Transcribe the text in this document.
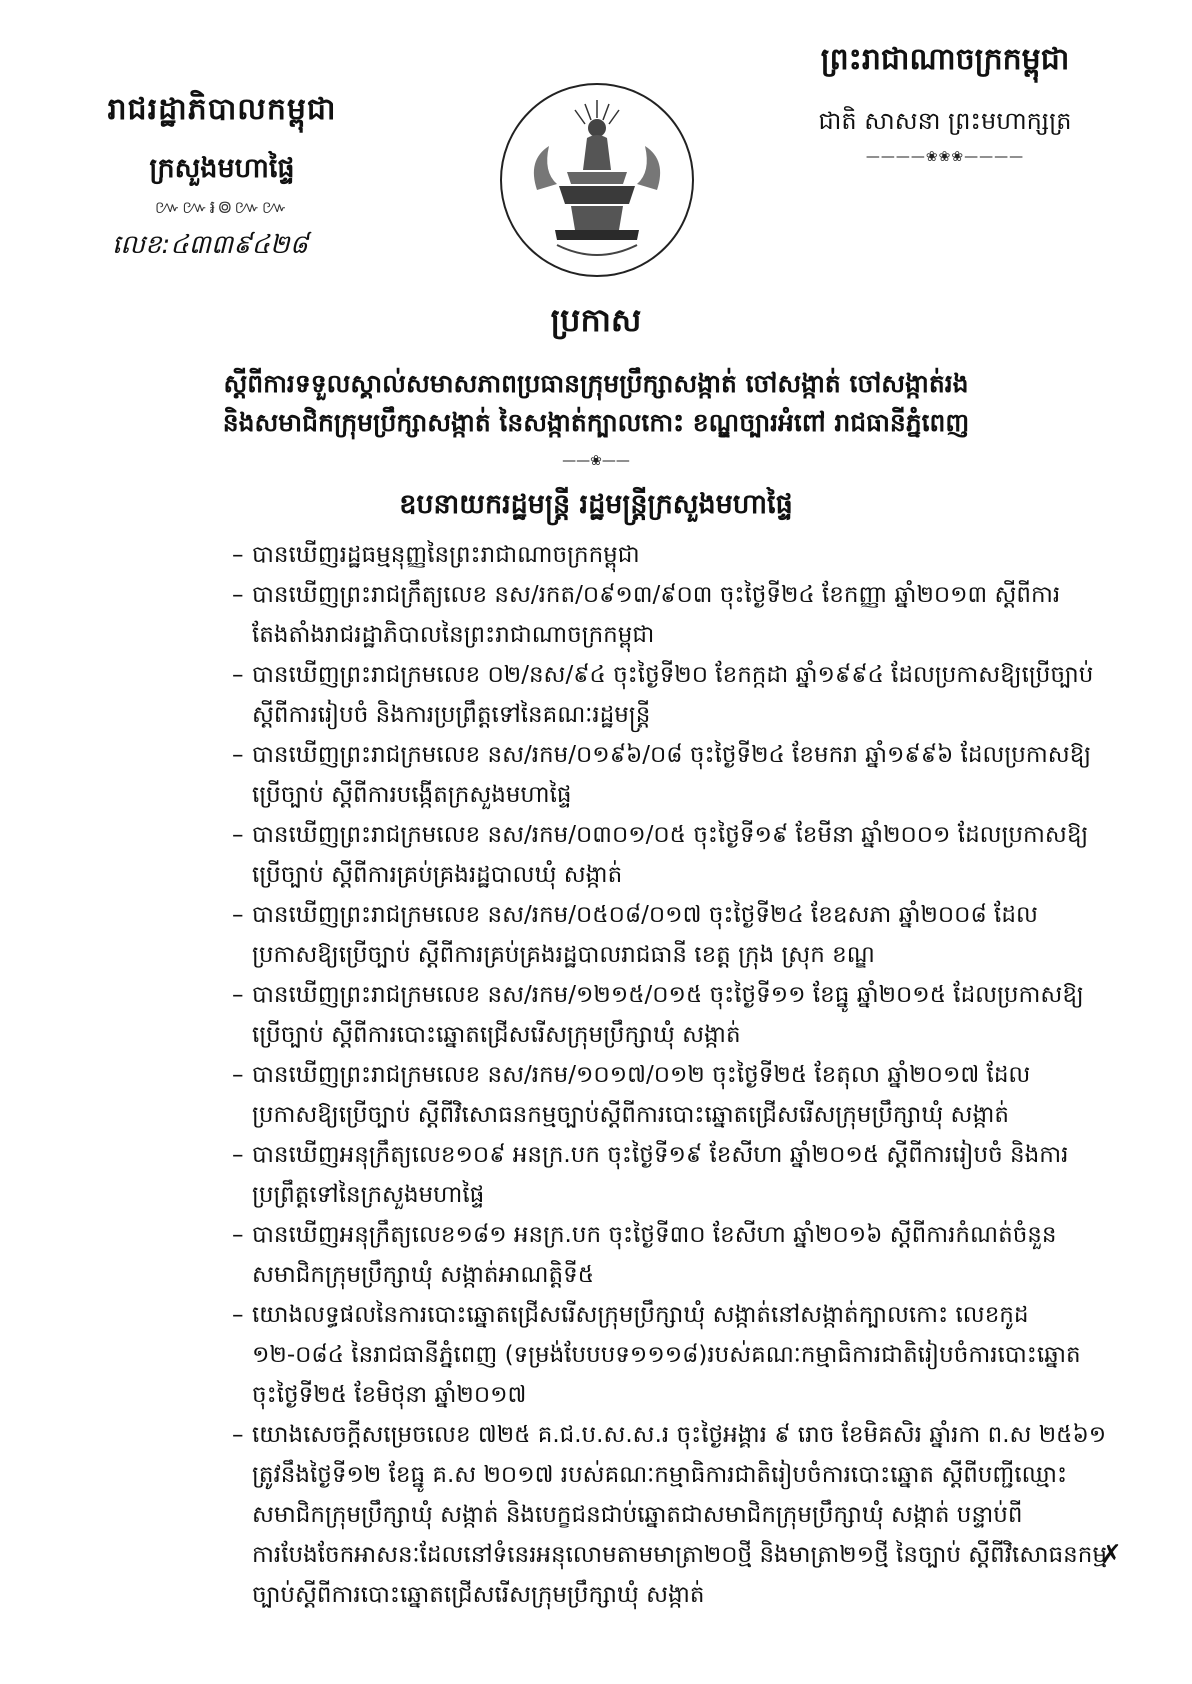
រាជរដ្ឋាភិបាលកម្ពុជា

ក្រសួងមហាផ្ទៃ

៚៚៛៙៚៚

លេខ:៤៣៣៩៤២៨

ព្រះរាជាណាចក្រកម្ពុជា

ជាតិ សាសនា ព្រះមហាក្សត្រ

————❀❀❀————

ប្រកាស

ស្ដីពីការទទួលស្គាល់សមាសភាពប្រធានក្រុមប្រឹក្សាសង្កាត់ ចៅសង្កាត់ ចៅសង្កាត់រង

និងសមាជិកក្រុមប្រឹក្សាសង្កាត់ នៃសង្កាត់ក្បាលកោះ ខណ្ឌច្បារអំពៅ រាជធានីភ្នំពេញ

——❀——

ឧបនាយករដ្ឋមន្ត្រី រដ្ឋមន្ត្រីក្រសួងមហាផ្ទៃ

– បានឃើញរដ្ឋធម្មនុញ្ញនៃព្រះរាជាណាចក្រកម្ពុជា
– បានឃើញព្រះរាជក្រឹត្យលេខ នស/រកត/០៩១៣/៩០៣ ចុះថ្ងៃទី២៤ ខែកញ្ញា ឆ្នាំ២០១៣ ស្ដីពីការតែងតាំងរាជរដ្ឋាភិបាលនៃព្រះរាជាណាចក្រកម្ពុជា
– បានឃើញព្រះរាជក្រមលេខ ០២/នស/៩៤ ចុះថ្ងៃទី២០ ខែកក្កដា ឆ្នាំ១៩៩៤ ដែលប្រកាសឱ្យប្រើច្បាប់ស្ដីពីការរៀបចំ និងការប្រព្រឹត្តទៅនៃគណៈរដ្ឋមន្ត្រី
– បានឃើញព្រះរាជក្រមលេខ នស/រកម/០១៩៦/០៨ ចុះថ្ងៃទី២៤ ខែមករា ឆ្នាំ១៩៩៦ ដែលប្រកាសឱ្យប្រើច្បាប់ ស្ដីពីការបង្កើតក្រសួងមហាផ្ទៃ
– បានឃើញព្រះរាជក្រមលេខ នស/រកម/០៣០១/០៥ ចុះថ្ងៃទី១៩ ខែមីនា ឆ្នាំ២០០១ ដែលប្រកាសឱ្យប្រើច្បាប់ ស្ដីពីការគ្រប់គ្រងរដ្ឋបាលឃុំ សង្កាត់
– បានឃើញព្រះរាជក្រមលេខ នស/រកម/០៥០៨/០១៧ ចុះថ្ងៃទី២៤ ខែឧសភា ឆ្នាំ២០០៨ ដែលប្រកាសឱ្យប្រើច្បាប់ ស្ដីពីការគ្រប់គ្រងរដ្ឋបាលរាជធានី ខេត្ត ក្រុង ស្រុក ខណ្ឌ
– បានឃើញព្រះរាជក្រមលេខ នស/រកម/១២១៥/០១៥ ចុះថ្ងៃទី១១ ខែធ្នូ ឆ្នាំ២០១៥ ដែលប្រកាសឱ្យប្រើច្បាប់ ស្ដីពីការបោះឆ្នោតជ្រើសរើសក្រុមប្រឹក្សាឃុំ សង្កាត់
– បានឃើញព្រះរាជក្រមលេខ នស/រកម/១០១៧/០១២ ចុះថ្ងៃទី២៥ ខែតុលា ឆ្នាំ២០១៧ ដែលប្រកាសឱ្យប្រើច្បាប់ ស្ដីពីវិសោធនកម្មច្បាប់ស្ដីពីការបោះឆ្នោតជ្រើសរើសក្រុមប្រឹក្សាឃុំ សង្កាត់
– បានឃើញអនុក្រឹត្យលេខ១០៩ អនក្រ.បក ចុះថ្ងៃទី១៩ ខែសីហា ឆ្នាំ២០១៥ ស្ដីពីការរៀបចំ និងការប្រព្រឹត្តទៅនៃក្រសួងមហាផ្ទៃ
– បានឃើញអនុក្រឹត្យលេខ១៨១ អនក្រ.បក ចុះថ្ងៃទី៣០ ខែសីហា ឆ្នាំ២០១៦ ស្ដីពីការកំណត់ចំនួនសមាជិកក្រុមប្រឹក្សាឃុំ សង្កាត់អាណត្តិទី៥
– យោងលទ្ធផលនៃការបោះឆ្នោតជ្រើសរើសក្រុមប្រឹក្សាឃុំ សង្កាត់នៅសង្កាត់ក្បាលកោះ លេខកូដ ១២-០៨៤ នៃរាជធានីភ្នំពេញ (ទម្រង់បែបបទ១១១៨)របស់គណៈកម្មាធិការជាតិរៀបចំការបោះឆ្នោត ចុះថ្ងៃទី២៥ ខែមិថុនា ឆ្នាំ២០១៧
– យោងសេចក្ដីសម្រេចលេខ ៧២៥ គ.ជ.ប.ស.ស.រ ចុះថ្ងៃអង្គារ ៩ រោច ខែមិគសិរ ឆ្នាំរកា ព.ស ២៥៦១ ត្រូវនឹងថ្ងៃទី១២ ខែធ្នូ គ.ស ២០១៧ របស់គណៈកម្មាធិការជាតិរៀបចំការបោះឆ្នោត ស្ដីពីបញ្ជីឈ្មោះសមាជិកក្រុមប្រឹក្សាឃុំ សង្កាត់ និងបេក្ខជនជាប់ឆ្នោតជាសមាជិកក្រុមប្រឹក្សាឃុំ សង្កាត់ បន្ទាប់ពីការបែងចែកអាសនៈដែលនៅទំនេរអនុលោមតាមមាត្រា២០ថ្មី និងមាត្រា២១ថ្មី នៃច្បាប់ ស្ដីពីវិសោធនកម្មច្បាប់ស្ដីពីការបោះឆ្នោតជ្រើសរើសក្រុមប្រឹក្សាឃុំ សង្កាត់
✗
